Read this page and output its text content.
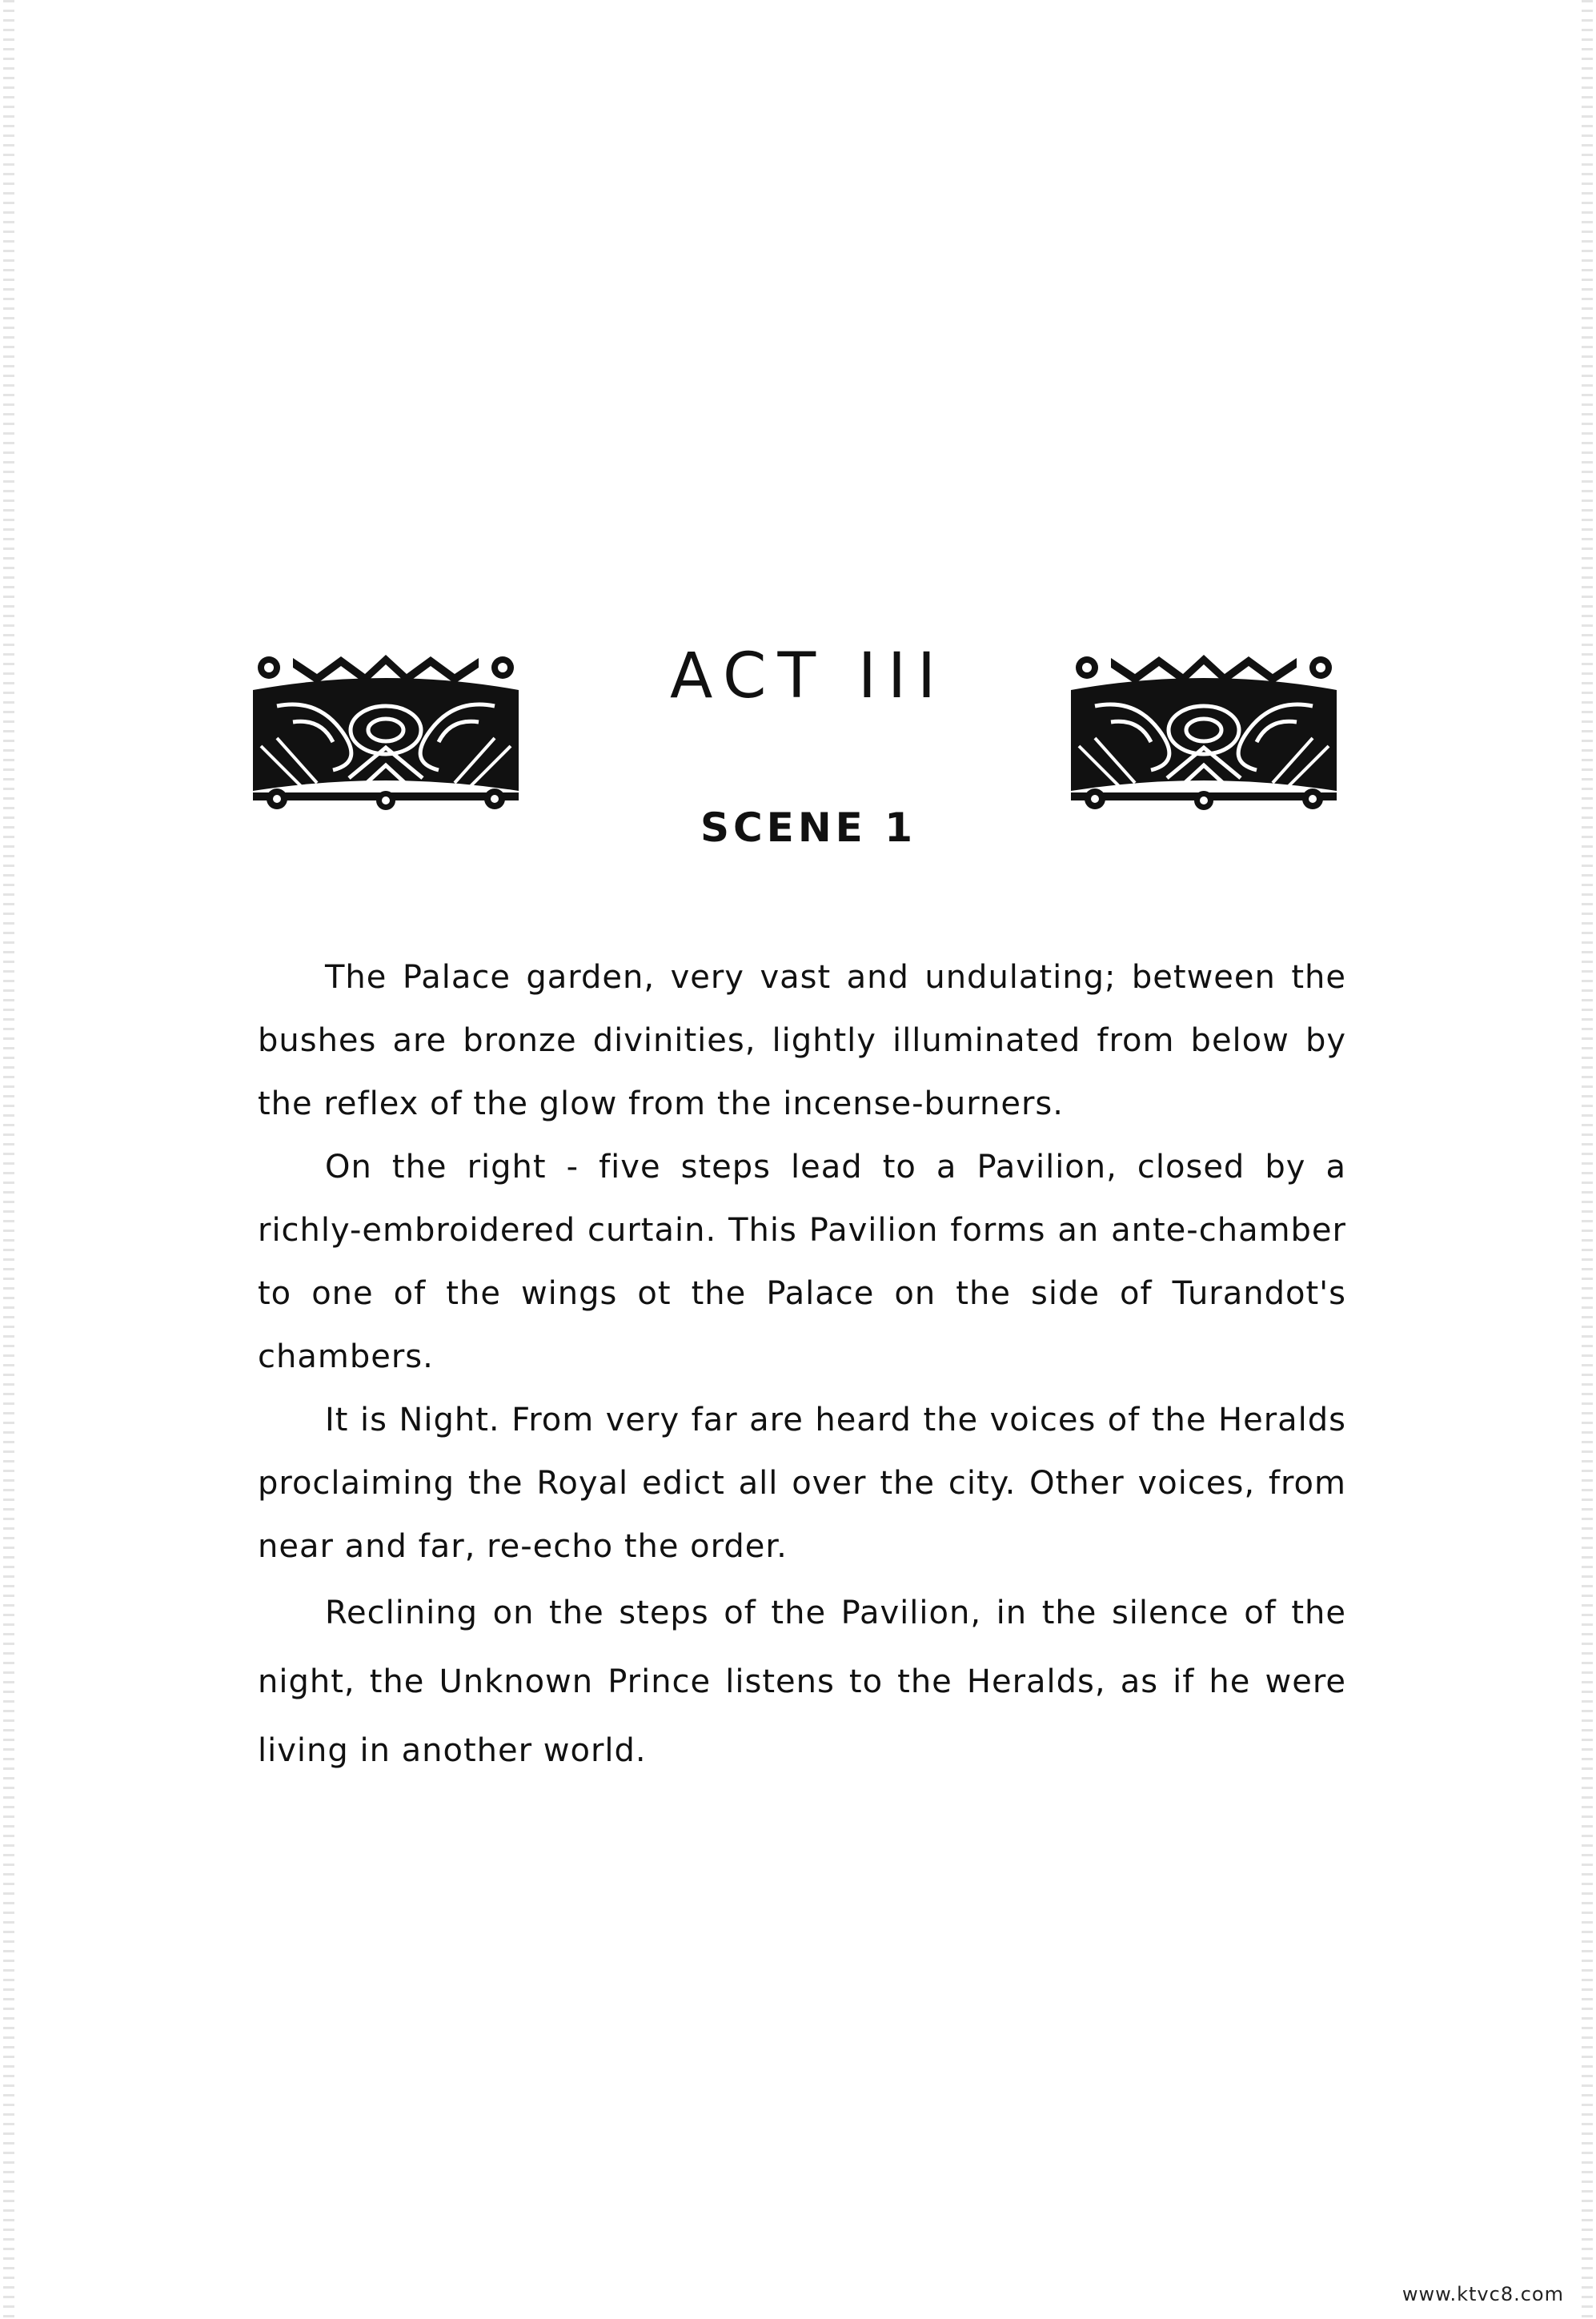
ACT III
SCENE 1

The Palace garden, very vast and undulating; between the bushes are bronze divinities, lightly illuminated from below by the reflex of the glow from the incense-burners.

On the right - five steps lead to a Pavilion, closed by a richly-embroidered curtain. This Pavilion forms an ante-chamber to one of the wings ot the Palace on the side of Turandot's chambers.

It is Night. From very far are heard the voices of the Heralds proclaiming the Royal edict all over the city. Other voices, from near and far, re-echo the order.

Reclining on the steps of the Pavilion, in the silence of the night, the Unknown Prince listens to the Heralds, as if he were living in another world.

www.ktvc8.com
